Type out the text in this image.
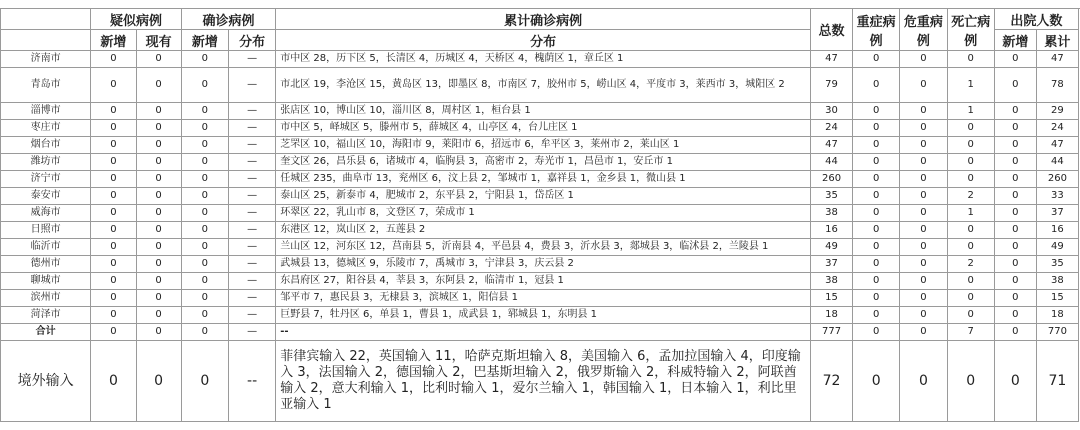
	疑似病例		确诊病例		累计确诊病例	总数	重症病例	危重病例	死亡病例	出院人数	
	新增	现有	新增	分布	分布					新增	累计
济南市	0	0	0	—	市中区 28，历下区 5，长清区 4，历城区 4，天桥区 4，槐荫区 1，章丘区 1	47	0	0	0	0	47
青岛市	0	0	0	—	市北区 19，李沧区 15，黄岛区 13，即墨区 8，市南区 7，胶州市 5，崂山区 4，平度市 3，莱西市 3，城阳区 2	79	0	0	1	0	78
淄博市	0	0	0	—	张店区 10，博山区 10，淄川区 8，周村区 1，桓台县 1	30	0	0	1	0	29
枣庄市	0	0	0	—	市中区 5，峄城区 5，滕州市 5，薛城区 4，山亭区 4，台儿庄区 1	24	0	0	0	0	24
烟台市	0	0	0	—	芝罘区 10，福山区 10，海阳市 9，莱阳市 6，招远市 6，牟平区 3，莱州市 2，莱山区 1	47	0	0	0	0	47
潍坊市	0	0	0	—	奎文区 26，昌乐县 6，诸城市 4，临朐县 3，高密市 2，寿光市 1，昌邑市 1，安丘市 1	44	0	0	0	0	44
济宁市	0	0	0	—	任城区 235，曲阜市 13，兖州区 6，汶上县 2，邹城市 1，嘉祥县 1，金乡县 1，微山县 1	260	0	0	0	0	260
泰安市	0	0	0	—	泰山区 25，新泰市 4，肥城市 2，东平县 2，宁阳县 1，岱岳区 1	35	0	0	2	0	33
威海市	0	0	0	—	环翠区 22，乳山市 8，文登区 7，荣成市 1	38	0	0	1	0	37
日照市	0	0	0	—	东港区 12，岚山区 2，五莲县 2	16	0	0	0	0	16
临沂市	0	0	0	—	兰山区 12，河东区 12，莒南县 5，沂南县 4，平邑县 4，费县 3，沂水县 3，郯城县 3，临沭县 2，兰陵县 1	49	0	0	0	0	49
德州市	0	0	0	—	武城县 13，德城区 9，乐陵市 7，禹城市 3，宁津县 3，庆云县 2	37	0	0	2	0	35
聊城市	0	0	0	—	东昌府区 27，阳谷县 4，莘县 3，东阿县 2，临清市 1，冠县 1	38	0	0	0	0	38
滨州市	0	0	0	—	邹平市 7，惠民县 3，无棣县 3，滨城区 1，阳信县 1	15	0	0	0	0	15
菏泽市	0	0	0	—	巨野县 7，牡丹区 6，单县 1，曹县 1，成武县 1，郓城县 1，东明县 1	18	0	0	0	0	18
合计	0	0	0	—	--	777	0	0	7	0	770
境外输入	0	0	0	--	菲律宾输入 22，英国输入 11，哈萨克斯坦输入 8，美国输入 6，孟加拉国输入 4，印度输入 3，法国输入 2，德国输入 2，巴基斯坦输入 2，俄罗斯输入 2，科威特输入 2，阿联酋输入 2，意大利输入 1，比利时输入 1，爱尔兰输入 1，韩国输入 1，日本输入 1，利比里亚输入 1	72	0	0	0	0	71
